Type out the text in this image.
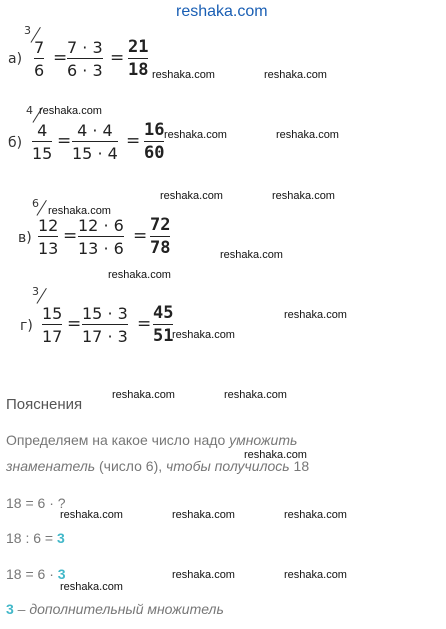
reshaka.com
а)
3
7
6
=
7 · 3
6 · 3
=
21
18
б)
4
4
15
=
4 · 4
15 · 4
=
16
60
в)
6
12
13
=
12 · 6
13 · 6
=
72
78
г)
3
15
17
=
15 · 3
17 · 3
=
45
51
Пояснения
Определяем на какое число надо умножить
знаменатель (число 6), чтобы получилось 18
18 = 6 · ?
18 : 6 = 3
18 = 6 · 3
3 – дополнительный множитель
reshaka.com	reshaka.com
reshaka.com
reshaka.com	reshaka.com
reshaka.com	reshaka.com
reshaka.com
reshaka.com
reshaka.com
reshaka.com
reshaka.com
reshaka.com	reshaka.com
reshaka.com
reshaka.com	reshaka.com	reshaka.com
reshaka.com	reshaka.com
reshaka.com
